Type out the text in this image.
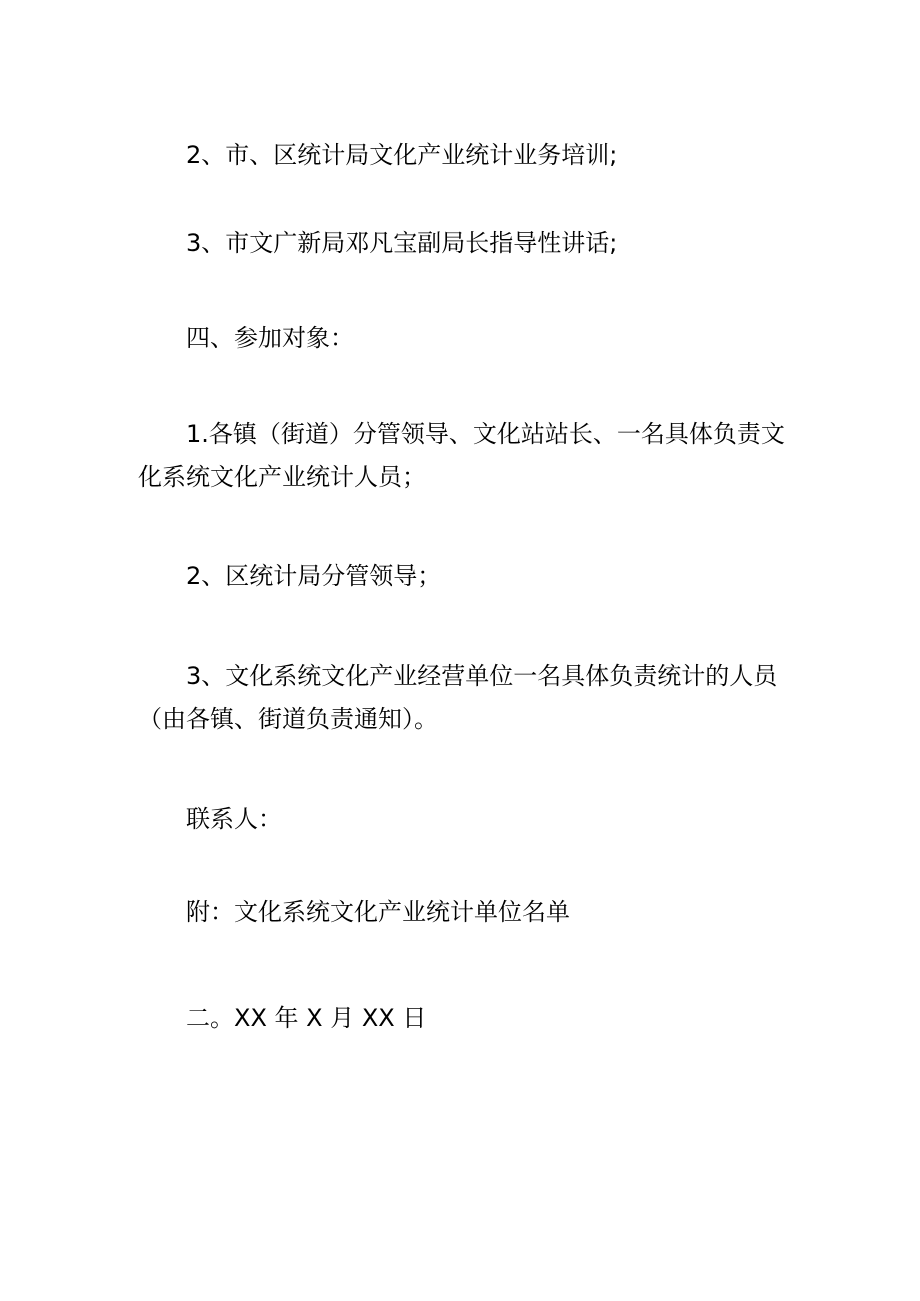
2、市、区统计局文化产业统计业务培训;

3、市文广新局邓凡宝副局长指导性讲话;

四、参加对象：

1.各镇（街道）分管领导、文化站站长、一名具体负责文化系统文化产业统计人员；

2、区统计局分管领导；

3、文化系统文化产业经营单位一名具体负责统计的人员（由各镇、街道负责通知）。

联系人：

附：文化系统文化产业统计单位名单

二。XX 年 X 月 XX 日
